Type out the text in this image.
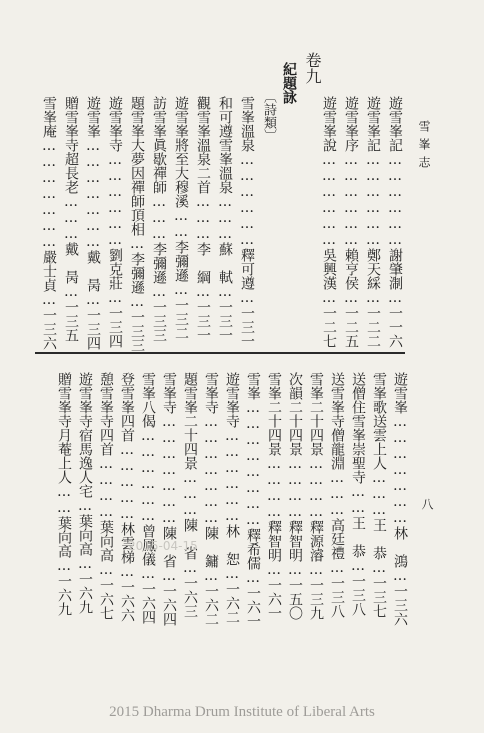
雪峯志
八
卷九
紀題詠
〔詩類〕	遊雪峯記………………謝肇淛…一一六
遊雪峯記………………鄭天綵…一二二
遊雪峯序………………賴亨侯…一二五
遊雪峯說………………吳興漢…一二七
雪峯溫泉………………釋可遵…一三一
和可遵雪峯溫泉………蘇　軾…一三一
觀雪峯溫泉二首………李　綱…一三一
遊雪峯將至大穆溪……李彌遜…一三二
訪雪峯眞歇禪師………李彌遜…一三三
題雪峯大夢因禪師頂相…李彌遜…一三三
遊雪峯寺………………劉克莊…一三四
遊雪峯…………………戴　昺…一三四
贈雪峯寺超長老………戴　昺…一三五
雪峯庵…………………嚴士貞…一三六
遊雪峯…………………林　鴻…一三六
雪峯歌送雲上人………王　恭…一三七
送僧住雪峯崇聖寺……王　恭…一三八
送雪峯寺僧龍淵………高廷禮…一三八
雪峯二十四景…………釋源濬…一三九
次韻二十四景…………釋智明…一五〇
雪峯二十四景…………釋智明…一六一
雪峯……………………釋希儒…一六一
遊雪峯寺………………林　恕…一六二
雪峯寺…………………陳　鏞…一六二
題雪峯二十四景………陳　省…一六三
雪峯寺…………………陳　省…一六四
雪峯八偈………………曾鳳儀…一六四
登雪峯四首……………林雲梯…一六六
憩雪峯寺四首…………葉向高…一六七
遊雪峯寺宿馬逸人宅…葉向高…一六九
贈雪峯寺月菴上人……葉向高…一六九	2015-04-15
2015 Dharma Drum Institute of Liberal Arts
